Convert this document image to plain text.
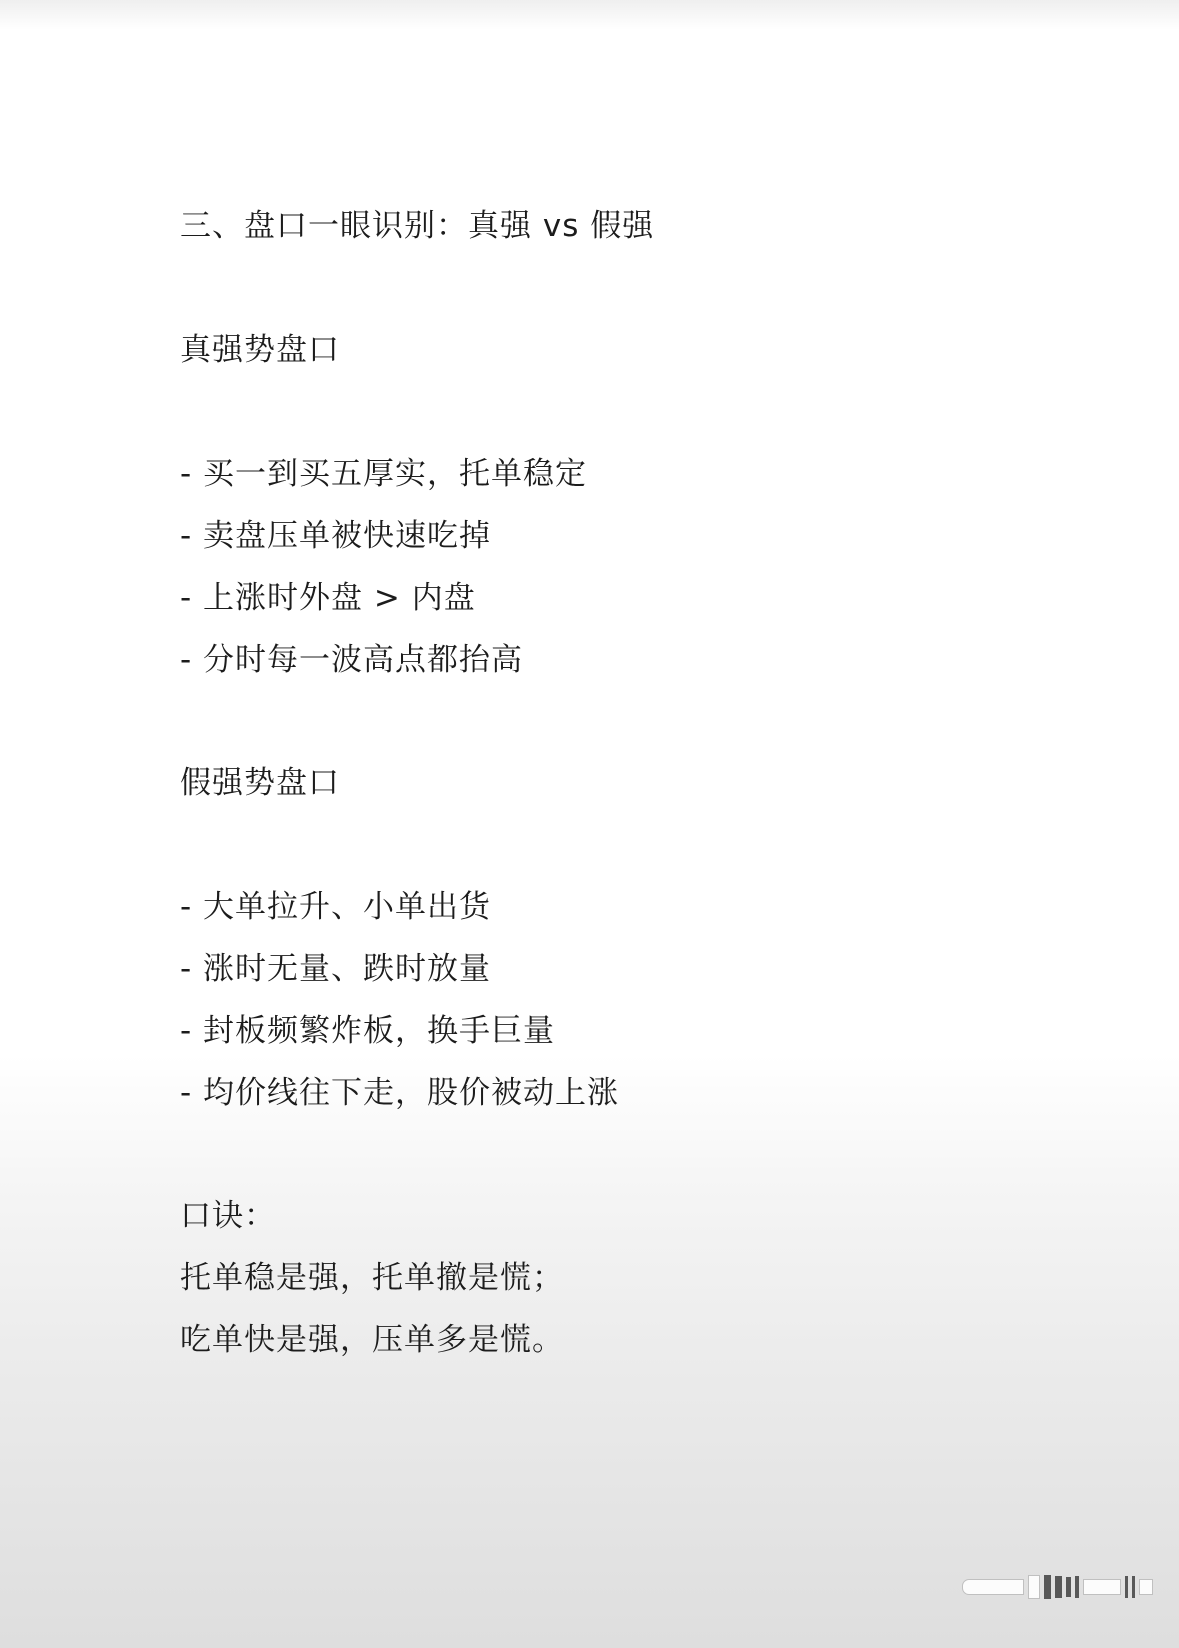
三、盘口一眼识别：真强 vs 假强
真强势盘口
- 买一到买五厚实，托单稳定
- 卖盘压单被快速吃掉
- 上涨时外盘 > 内盘
- 分时每一波高点都抬高
假强势盘口
- 大单拉升、小单出货
- 涨时无量、跌时放量
- 封板频繁炸板，换手巨量
- 均价线往下走，股价被动上涨
口诀：
托单稳是强，托单撤是慌；
吃单快是强，压单多是慌。
